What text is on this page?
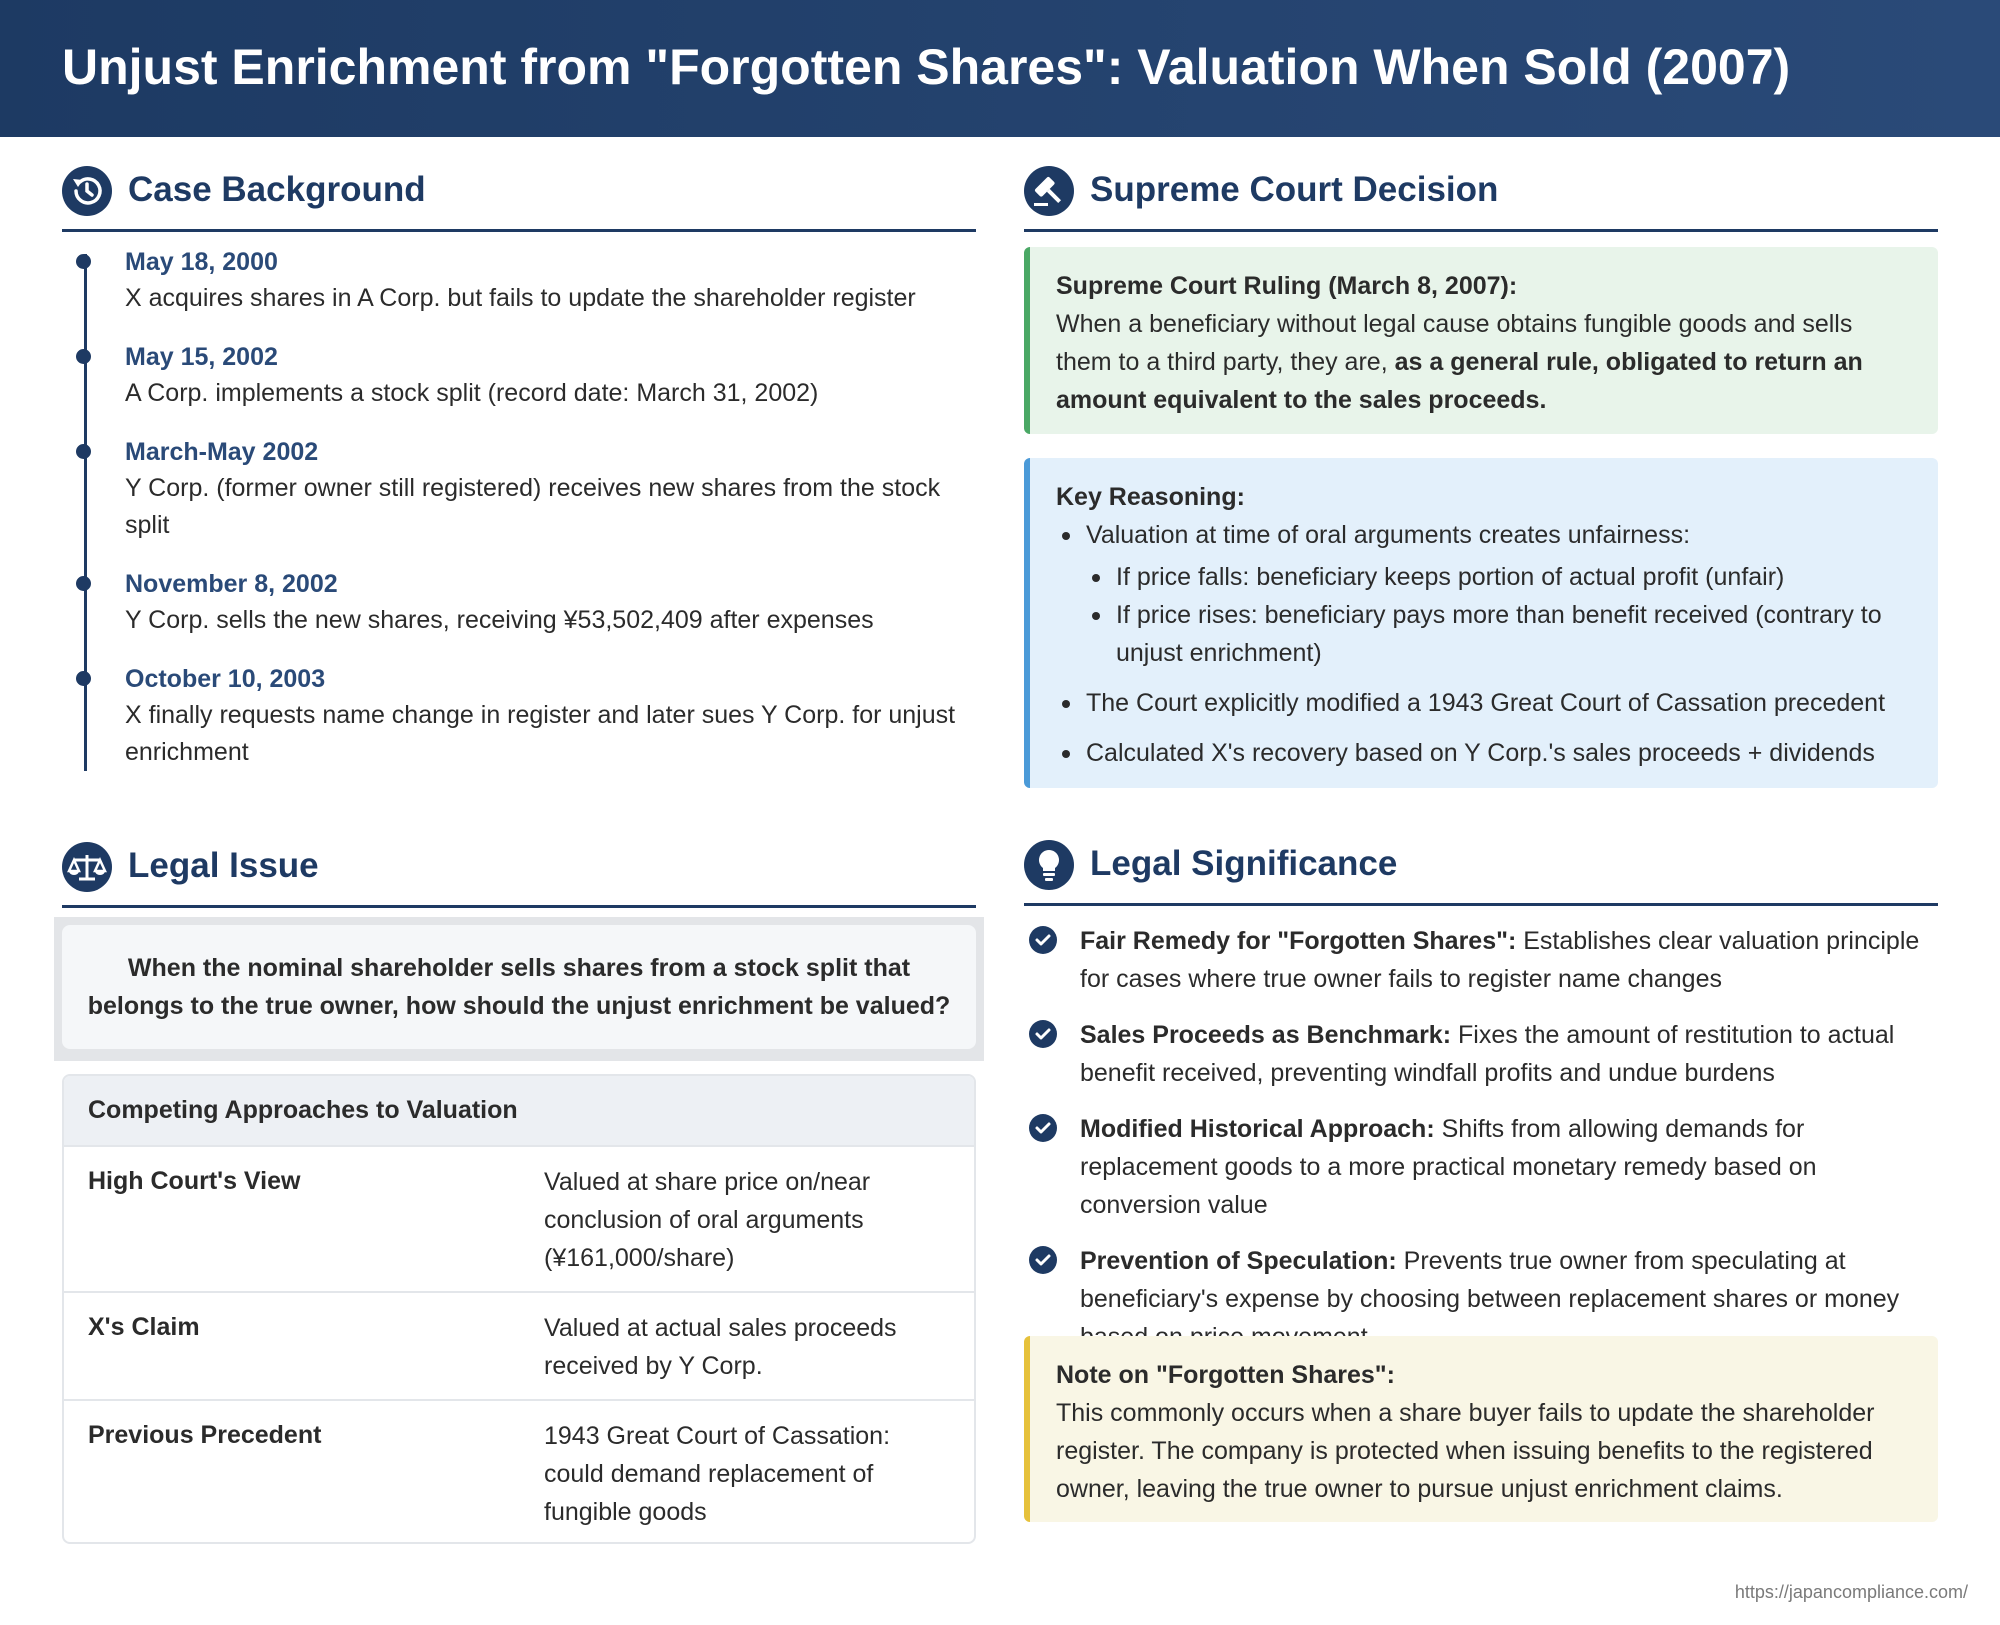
Unjust Enrichment from "Forgotten Shares": Valuation When Sold (2007)
Case Background
May 18, 2000
X acquires shares in A Corp. but fails to update the shareholder register
May 15, 2002
A Corp. implements a stock split (record date: March 31, 2002)
March-May 2002
Y Corp. (former owner still registered) receives new shares from the stock split
November 8, 2002
Y Corp. sells the new shares, receiving ¥53,502,409 after expenses
October 10, 2003
X finally requests name change in register and later sues Y Corp. for unjust enrichment
Legal Issue
When the nominal shareholder sells shares from a stock split that belongs to the true owner, how should the unjust enrichment be valued?
Competing Approaches to Valuation
High Court's View	Valued at share price on/near conclusion of oral arguments (¥161,000/share)
X's Claim	Valued at actual sales proceeds received by Y Corp.
Previous Precedent	1943 Great Court of Cassation: could demand replacement of fungible goods
Supreme Court Decision
Supreme Court Ruling (March 8, 2007):
When a beneficiary without legal cause obtains fungible goods and sells them to a third party, they are, as a general rule, obligated to return an amount equivalent to the sales proceeds.
Key Reasoning:
Valuation at time of oral arguments creates unfairness:
If price falls: beneficiary keeps portion of actual profit (unfair)
If price rises: beneficiary pays more than benefit received (contrary to unjust enrichment)
The Court explicitly modified a 1943 Great Court of Cassation precedent
Calculated X's recovery based on Y Corp.'s sales proceeds + dividends
Legal Significance
Fair Remedy for "Forgotten Shares": Establishes clear valuation principle for cases where true owner fails to register name changes
Sales Proceeds as Benchmark: Fixes the amount of restitution to actual benefit received, preventing windfall profits and undue burdens
Modified Historical Approach: Shifts from allowing demands for replacement goods to a more practical monetary remedy based on conversion value
Prevention of Speculation: Prevents true owner from speculating at beneficiary's expense by choosing between replacement shares or money
Note on "Forgotten Shares":
This commonly occurs when a share buyer fails to update the shareholder register. The company is protected when issuing benefits to the registered owner, leaving the true owner to pursue unjust enrichment claims.
https://japancompliance.com/
